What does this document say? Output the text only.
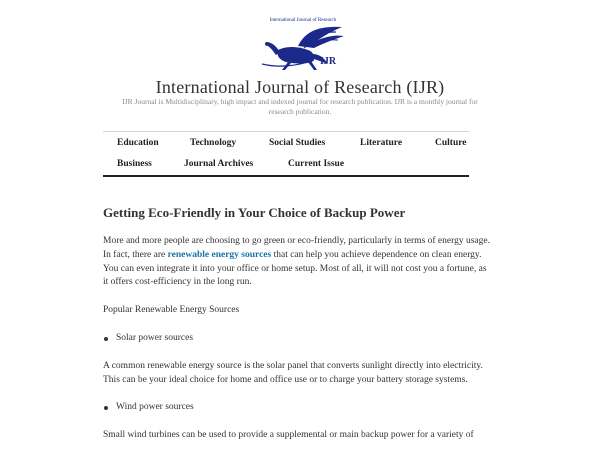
International Journal of Research
IJR
International Journal of Research (IJR)
IJR Journal is Multidisciplinary, high impact and indexed journal for research publication. IJR is a monthly journal for research publication.
Education	Technology	Social Studies	Literature	Culture
Business	Journal Archives	Current Issue
Getting Eco-Friendly in Your Choice of Backup Power

More and more people are choosing to go green or eco-friendly, particularly in terms of energy usage. In fact, there are renewable energy sources that can help you achieve dependence on clean energy. You can even integrate it into your office or home setup. Most of all, it will not cost you a fortune, as it offers cost-efficiency in the long run.

Popular Renewable Energy Sources

Solar power sources

A common renewable energy source is the solar panel that converts sunlight directly into electricity. This can be your ideal choice for home and office use or to charge your battery storage systems.

Wind power sources

Small wind turbines can be used to provide a supplemental or main backup power for a variety of
